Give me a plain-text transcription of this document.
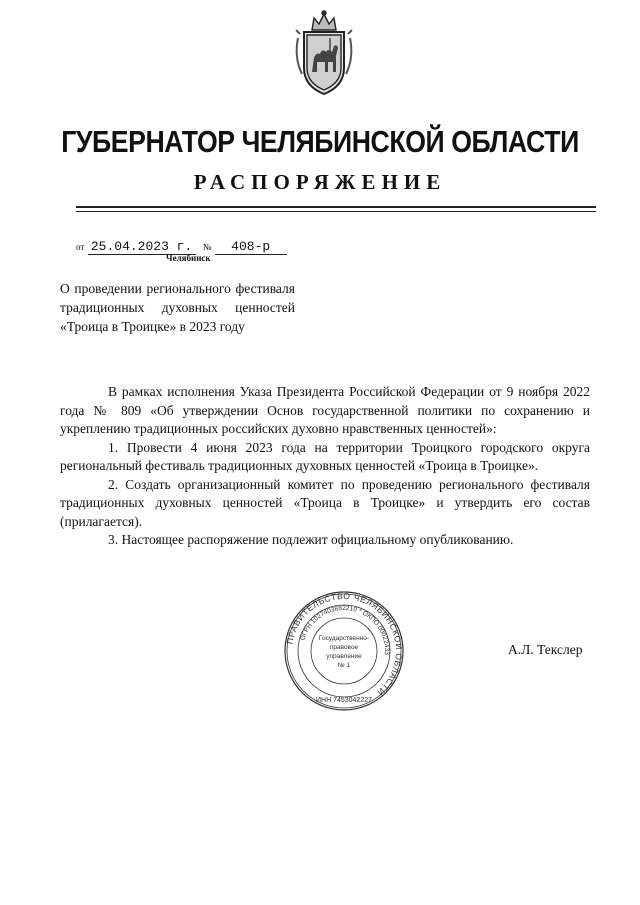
ГУБЕРНАТОР ЧЕЛЯБИНСКОЙ ОБЛАСТИ
РАСПОРЯЖЕНИЕ
от 25.04.2023 г. № 408-р
Челябинск
О проведении регионального фестиваля традиционных духовных ценностей «Троица в Троицке» в 2023 году

В рамках исполнения Указа Президента Российской Федерации от 9 ноября 2022 года № 809 «Об утверждении Основ государственной политики по сохранению и укреплению традиционных российских духовно нравственных ценностей»:

1. Провести 4 июня 2023 года на территории Троицкого городского округа региональный фестиваль традиционных духовных ценностей «Троица в Троицке».

2. Создать организационный комитет по проведению регионального фестиваля традиционных духовных ценностей «Троица в Троицке» и утвердить его состав (прилагается).

3. Настоящее распоряжение подлежит официальному опубликованию.

ПРАВИТЕЛЬСТВО ЧЕЛЯБИНСКОЙ ОБЛАСТИ
ОГРН 1027403882210 * ОКПО 00022433
ИНН 7453042227
Государственно-
правовое
управление
№ 1
А.Л. Текслер
